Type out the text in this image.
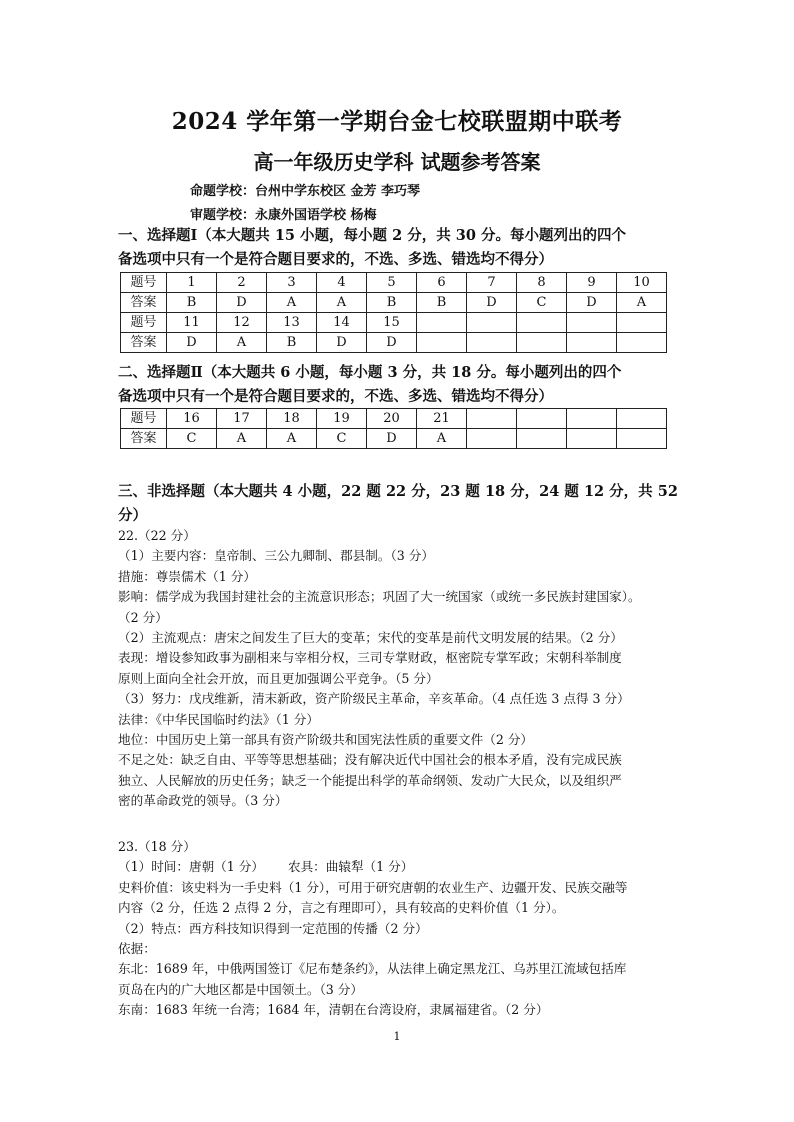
2024 学年第一学期台金七校联盟期中联考
高一年级历史学科 试题参考答案
命题学校：台州中学东校区 金芳 李巧琴
审题学校：永康外国语学校 杨梅
一、选择题Ⅰ（本大题共 15 小题，每小题 2 分，共 30 分。每小题列出的四个
备选项中只有一个是符合题目要求的，不选、多选、错选均不得分）
题号	1	2	3	4	5	6	7	8	9	10
答案	B	D	A	A	B	B	D	C	D	A
题号	11	12	13	14	15					
答案	D	A	B	D	D					
二、选择题Ⅱ（本大题共 6 小题，每小题 3 分，共 18 分。每小题列出的四个
备选项中只有一个是符合题目要求的，不选、多选、错选均不得分）
题号	16	17	18	19	20	21				
答案	C	A	A	C	D	A				
三、非选择题（本大题共 4 小题，22 题 22 分，23 题 18 分，24 题 12 分，共 52
分）

22.（22 分）

（1）主要内容：皇帝制、三公九卿制、郡县制。（3 分）

措施：尊崇儒术（1 分）

影响：儒学成为我国封建社会的主流意识形态；巩固了大一统国家（或统一多民族封建国家）。

（2 分）

（2）主流观点：唐宋之间发生了巨大的变革；宋代的变革是前代文明发展的结果。（2 分）

表现：增设参知政事为副相来与宰相分权，三司专掌财政，枢密院专掌军政；宋朝科举制度

原则上面向全社会开放，而且更加强调公平竞争。（5 分）

（3）努力：戊戌维新，清末新政，资产阶级民主革命，辛亥革命。（4 点任选 3 点得 3 分）

法律：《中华民国临时约法》（1 分）

地位：中国历史上第一部具有资产阶级共和国宪法性质的重要文件（2 分）

不足之处：缺乏自由、平等等思想基础；没有解决近代中国社会的根本矛盾，没有完成民族

独立、人民解放的历史任务；缺乏一个能提出科学的革命纲领、发动广大民众，以及组织严

密的革命政党的领导。（3 分）

23.（18 分）

（1）时间：唐朝（1 分）      农具：曲辕犁（1 分）

史料价值：该史料为一手史料（1 分），可用于研究唐朝的农业生产、边疆开发、民族交融等

内容（2 分，任选 2 点得 2 分，言之有理即可），具有较高的史料价值（1 分）。

（2）特点：西方科技知识得到一定范围的传播（2 分）

依据：

东北：1689 年，中俄两国签订《尼布楚条约》，从法律上确定黑龙江、乌苏里江流域包括库

页岛在内的广大地区都是中国领土。（3 分）

东南：1683 年统一台湾；1684 年，清朝在台湾设府，隶属福建省。（2 分）

1
